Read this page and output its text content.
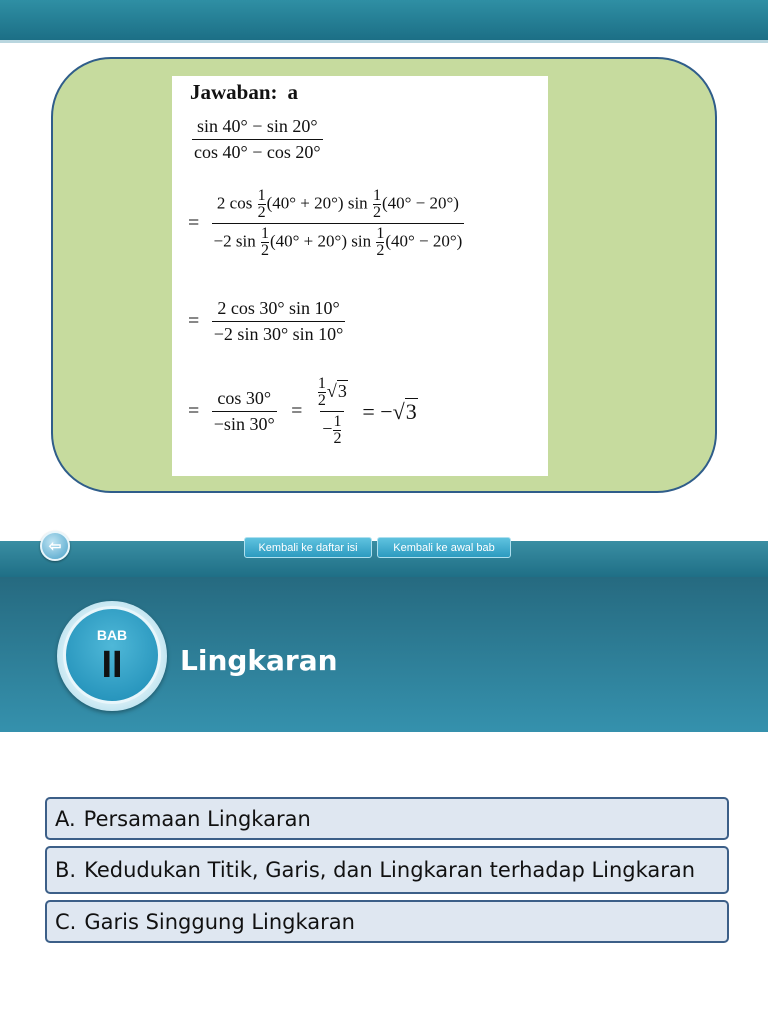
Jawaban: a
$\frac{\sin 40^\circ - \sin 20^\circ}{\cos 40^\circ - \cos 20^\circ}$
= $\frac{2 \cos \frac{1}{2} (40^\circ + 20^\circ) \sin \frac{1}{2} (40^\circ - 20^\circ)}{-2 \sin \frac{1}{2} (40^\circ + 20^\circ) \sin \frac{1}{2} (40^\circ - 20^\circ)}$
= $\frac{2 \cos 30^\circ \sin 10^\circ}{-2 \sin 30^\circ \sin 10^\circ}$
= $\frac{\cos 30^\circ}{-\sin 30^\circ} = \frac{\frac{1}{2} √3}{- \frac{1}{2}} = -√3$
⇦	Kembali ke daftar isi	Kembali ke awal bab
BAB
II	Lingkaran
A. Persamaan Lingkaran
B. Kedudukan Titik, Garis, dan Lingkaran terhadap Lingkaran
C. Garis Singgung Lingkaran
